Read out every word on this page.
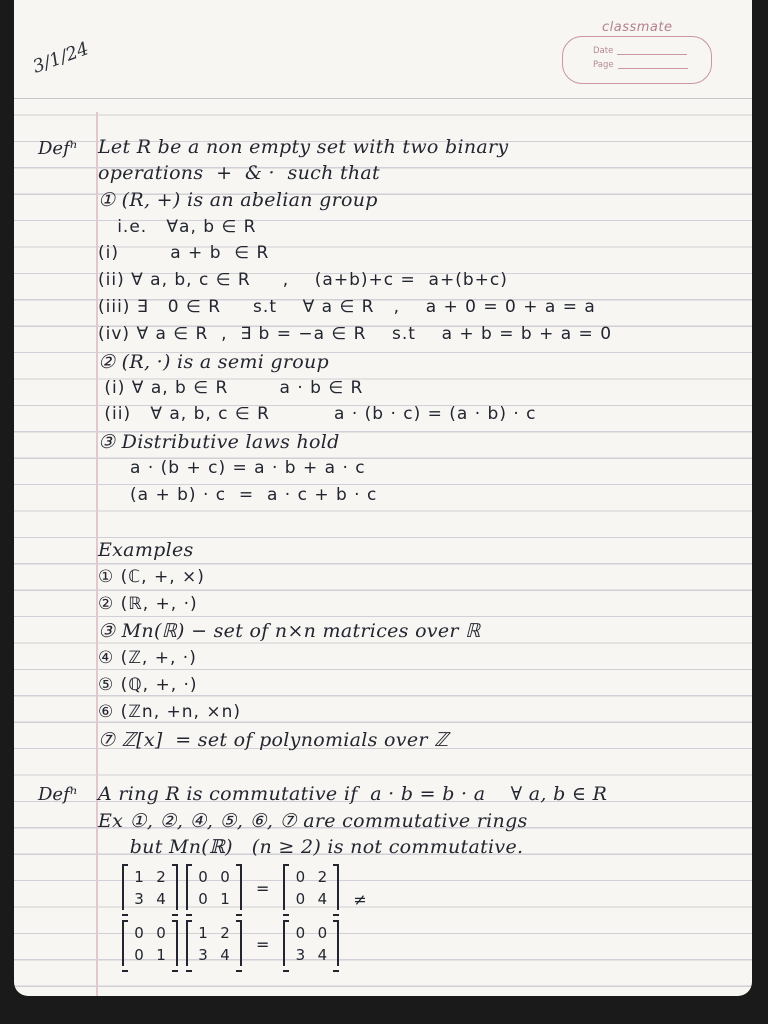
3/1/24
classmate
Date
Page
Defⁿ
Defⁿ
Let R be a non empty set with two binary
operations  +  & ·  such that
① (R, +) is an abelian group
i.e.   ∀a, b ∈ R
(i)        a + b  ∈ R
(ii) ∀ a, b, c ∈ R     ,    (a+b)+c =  a+(b+c)
(iii) ∃   0 ∈ R     s.t    ∀ a ∈ R   ,    a + 0 = 0 + a = a
(iv) ∀ a ∈ R  ,  ∃ b = −a ∈ R    s.t    a + b = b + a = 0
② (R, ·) is a semi group
(i) ∀ a, b ∈ R        a · b ∈ R
(ii)   ∀ a, b, c ∈ R          a · (b · c) = (a · b) · c
③ Distributive laws hold
a · (b + c) = a · b + a · c
(a + b) · c  =  a · c + b · c
Examples
① (ℂ, +, ×)
② (ℝ, +, ·)
③ Mn(ℝ) − set of n×n matrices over ℝ
④ (ℤ, +, ·)
⑤ (ℚ, +, ·)
⑥ (ℤn, +n, ×n)
⑦ ℤ[x]  = set of polynomials over ℤ
A ring R is commutative if  a · b = b · a    ∀ a, b ∈ R
Ex ①, ②, ④, ⑤, ⑥, ⑦ are commutative rings
but Mn(ℝ)   (n ≥ 2) is not commutative.
1 2
3 4
0 0
0 1
=
0 2
0 4	≠
0 0
0 1
1 2
3 4
=
0 0
3 4
